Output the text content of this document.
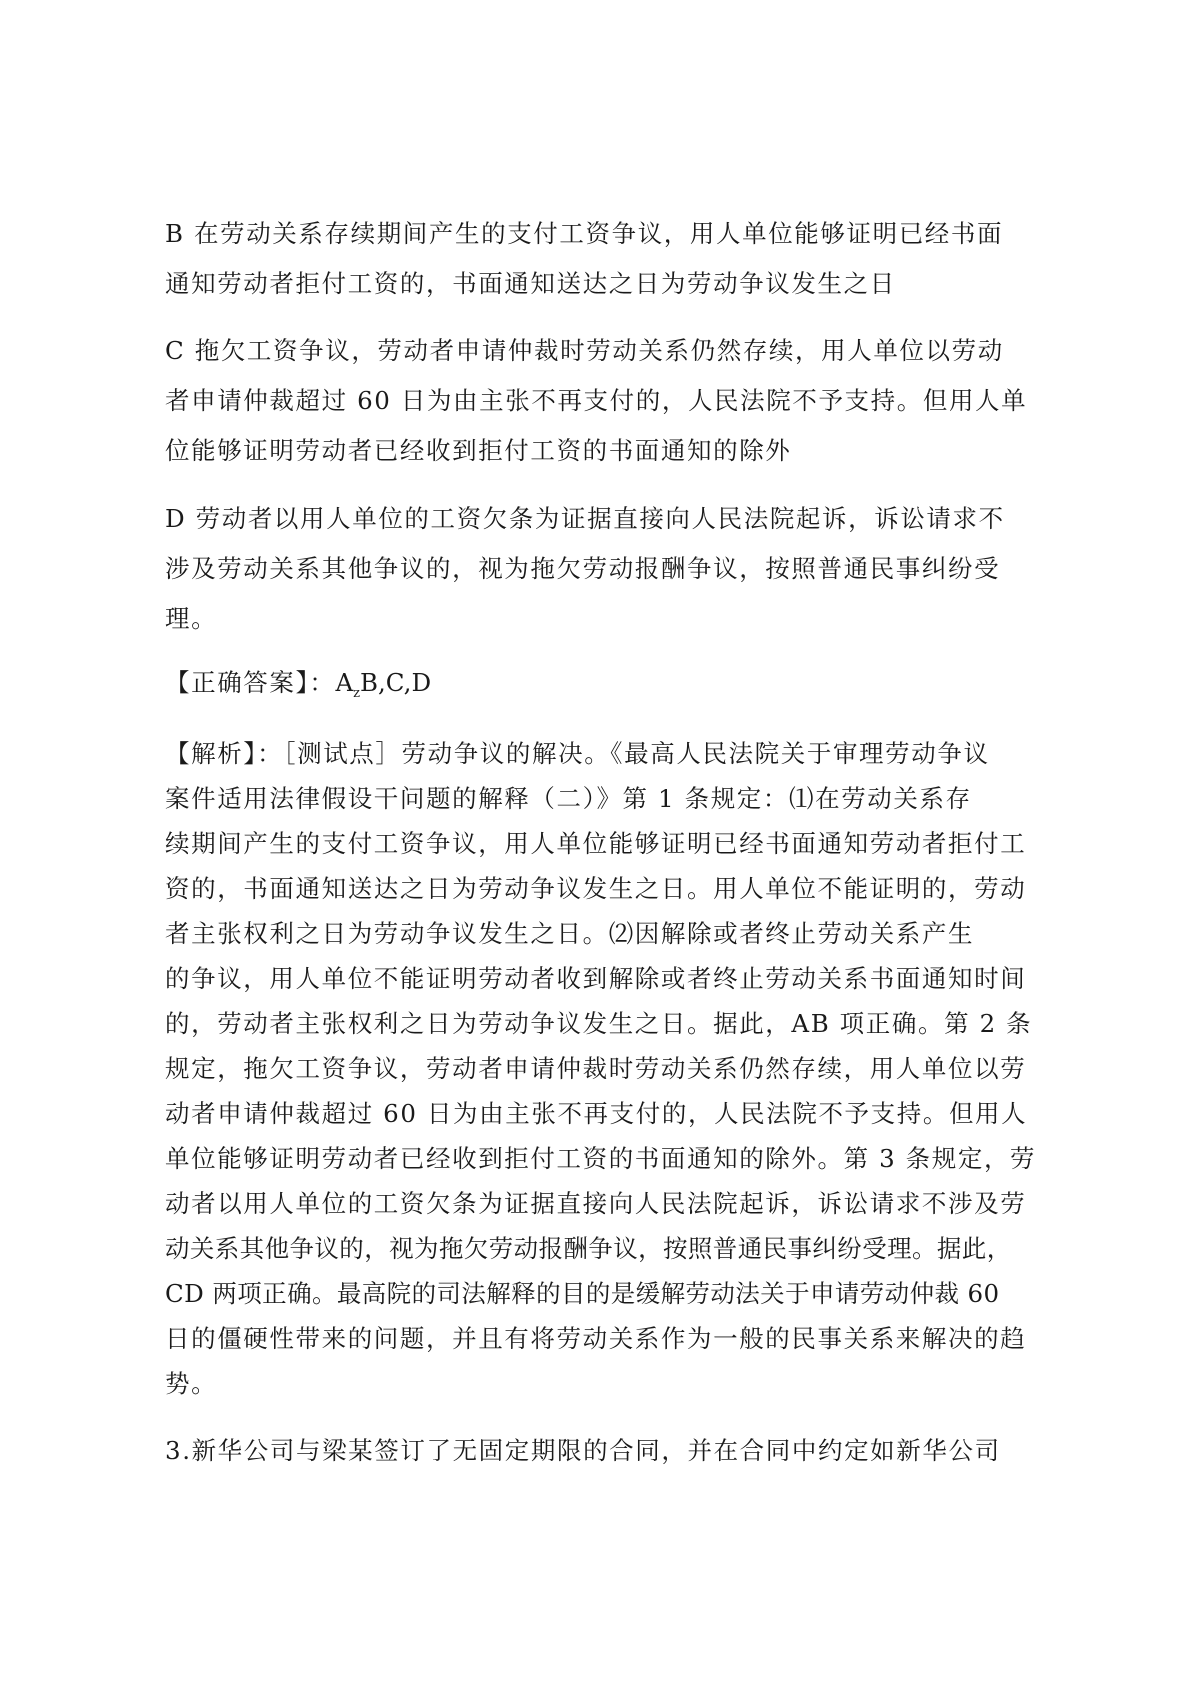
B 在劳动关系存续期间产生的支付工资争议，用人单位能够证明已经书面
通知劳动者拒付工资的，书面通知送达之日为劳动争议发生之日
C 拖欠工资争议，劳动者申请仲裁时劳动关系仍然存续，用人单位以劳动
者申请仲裁超过 60 日为由主张不再支付的，人民法院不予支持。但用人单
位能够证明劳动者已经收到拒付工资的书面通知的除外
D 劳动者以用人单位的工资欠条为证据直接向人民法院起诉，诉讼请求不
涉及劳动关系其他争议的，视为拖欠劳动报酬争议，按照普通民事纠纷受
理。
【正确答案】：$A_zB,C,D$
【解析】：［测试点］劳动争议的解决。《最高人民法院关于审理劳动争议
案件适用法律假设干问题的解释（二）》第 1 条规定：⑴在劳动关系存
续期间产生的支付工资争议，用人单位能够证明已经书面通知劳动者拒付工
资的，书面通知送达之日为劳动争议发生之日。用人单位不能证明的，劳动
者主张权利之日为劳动争议发生之日。⑵因解除或者终止劳动关系产生
的争议，用人单位不能证明劳动者收到解除或者终止劳动关系书面通知时间
的，劳动者主张权利之日为劳动争议发生之日。据此，AB 项正确。第 2 条
规定，拖欠工资争议，劳动者申请仲裁时劳动关系仍然存续，用人单位以劳
动者申请仲裁超过 60 日为由主张不再支付的，人民法院不予支持。但用人
单位能够证明劳动者已经收到拒付工资的书面通知的除外。第 3 条规定，劳
动者以用人单位的工资欠条为证据直接向人民法院起诉，诉讼请求不涉及劳
动关系其他争议的，视为拖欠劳动报酬争议，按照普通民事纠纷受理。据此，
CD 两项正确。最高院的司法解释的目的是缓解劳动法关于申请劳动仲裁 60
日的僵硬性带来的问题，并且有将劳动关系作为一般的民事关系来解决的趋
势。
3.新华公司与梁某签订了无固定期限的合同，并在合同中约定如新华公司
